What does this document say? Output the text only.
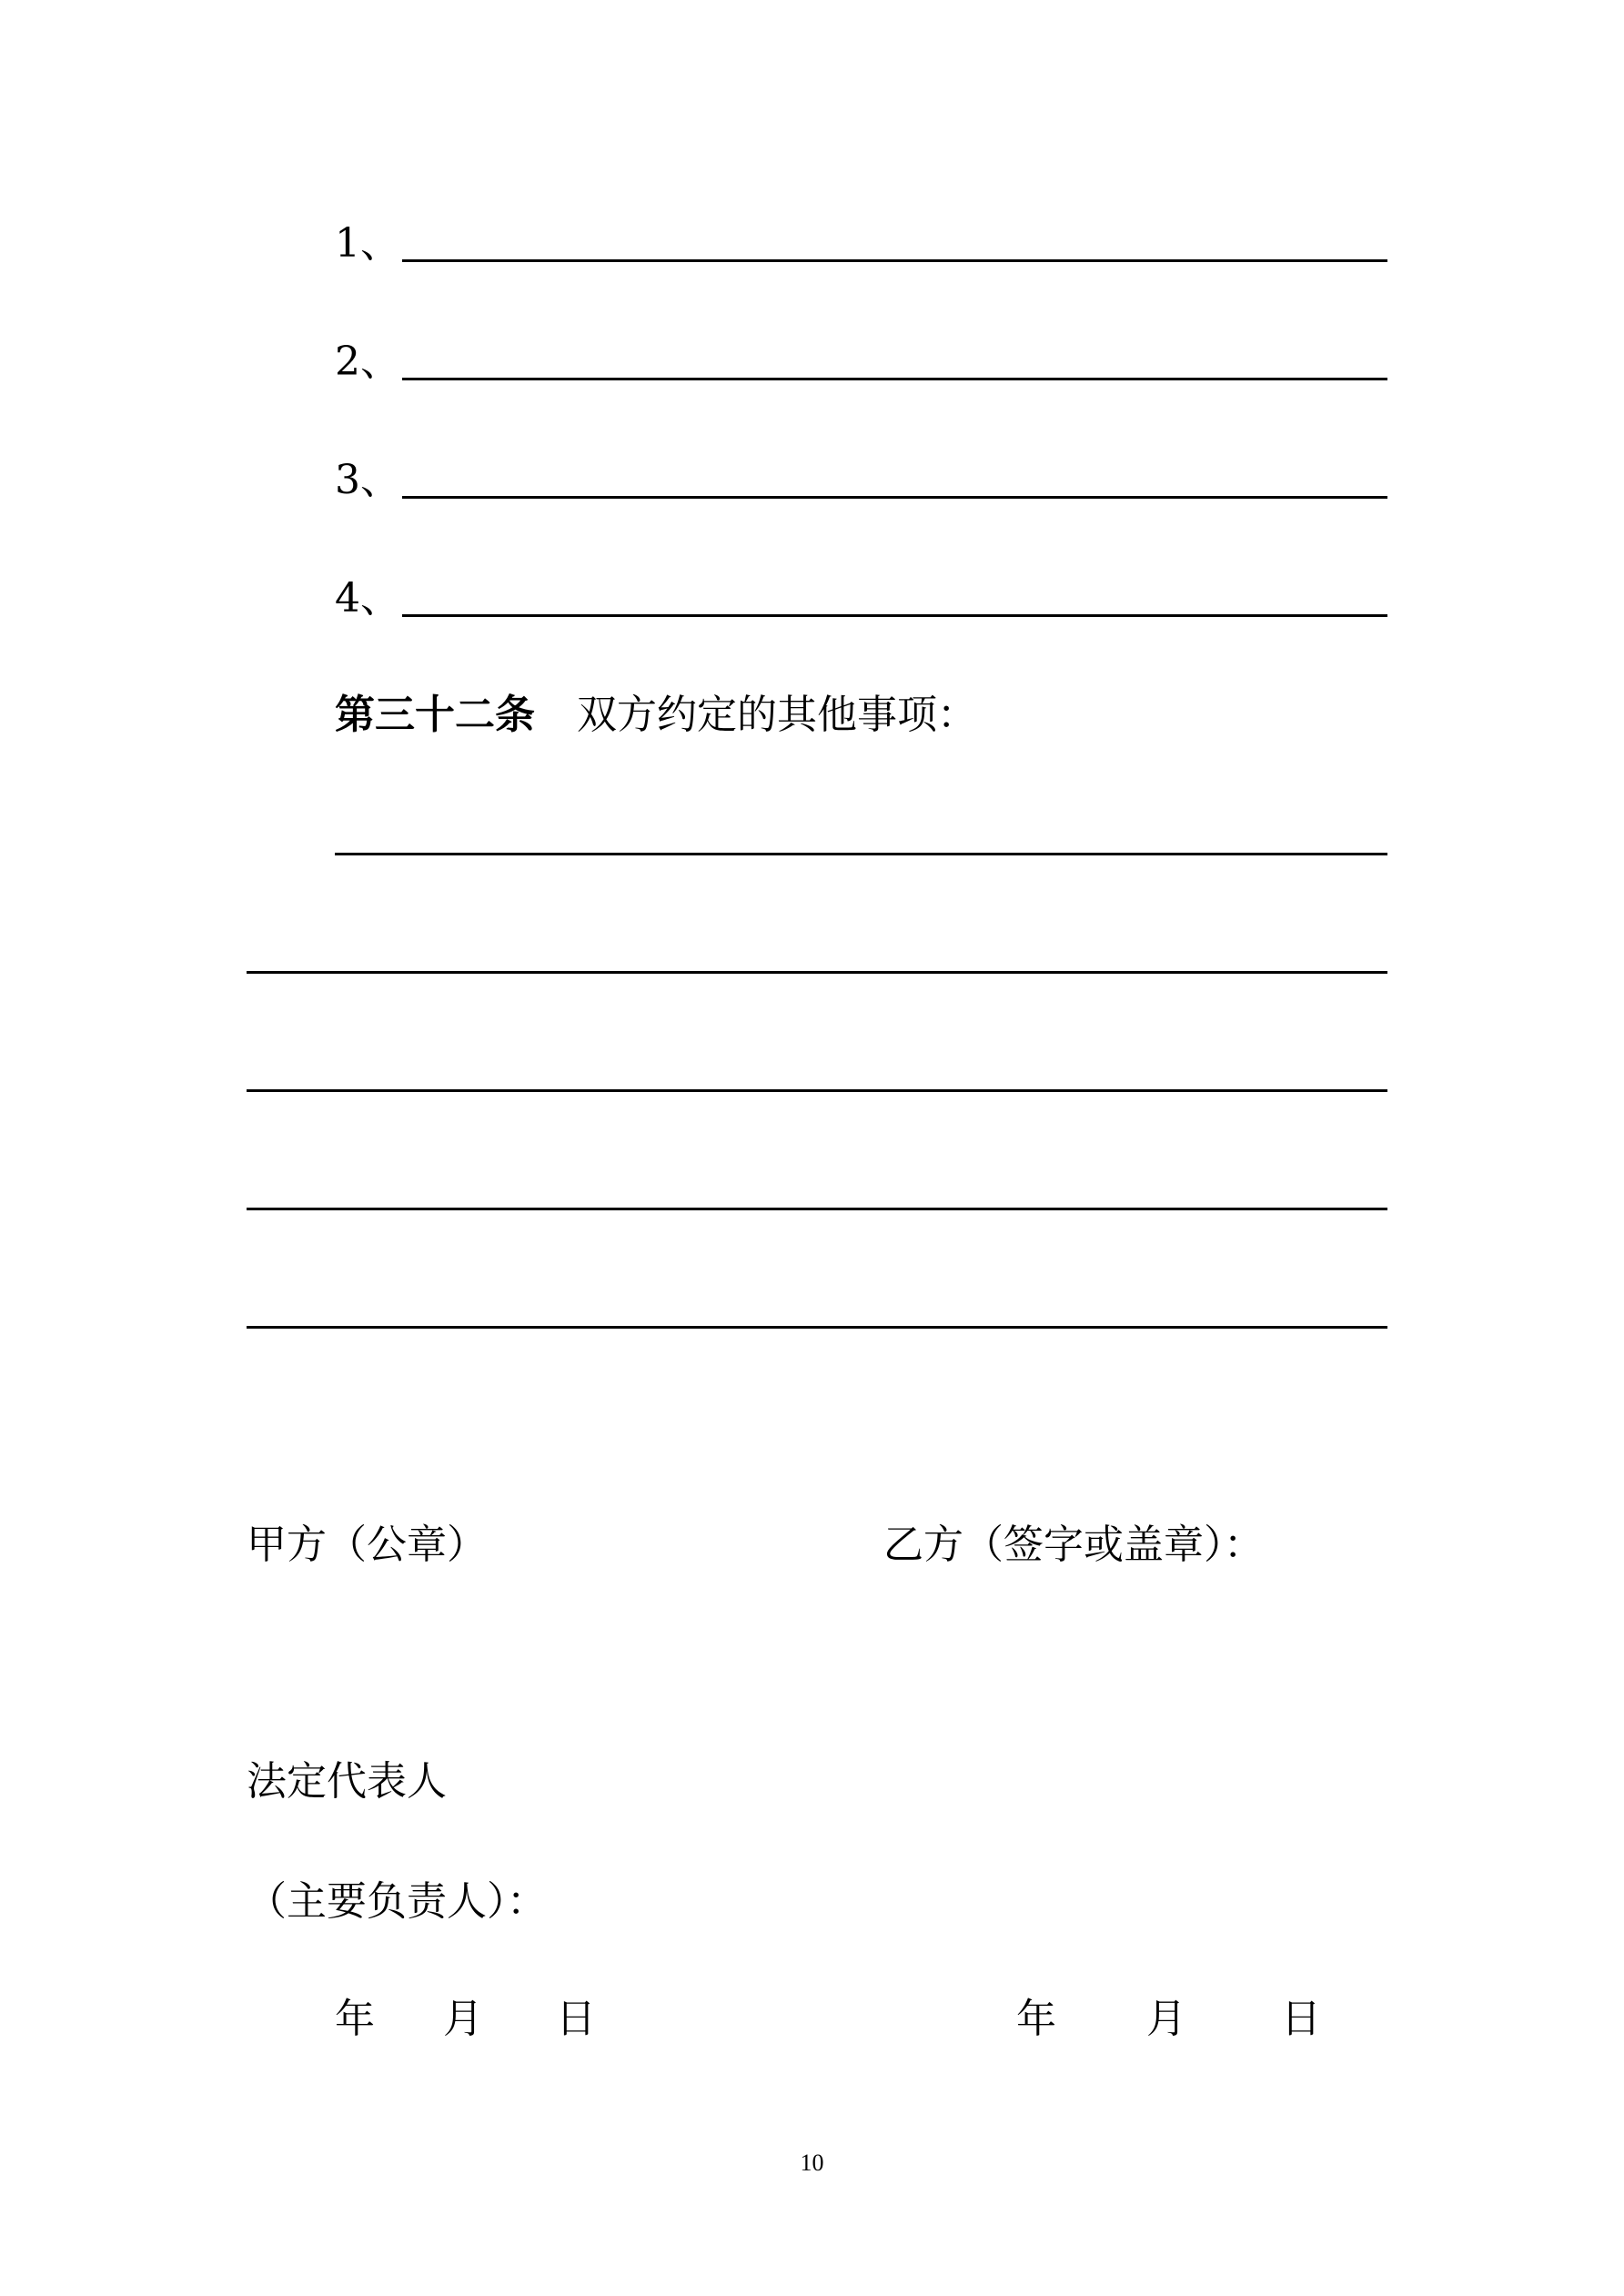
1、
2、
3、
4、
第三十二条 双方约定的其他事项：
甲方（公章）	乙方（签字或盖章）：
法定代表人
（主要负责人）：
年 月 日	年 月 日
10
